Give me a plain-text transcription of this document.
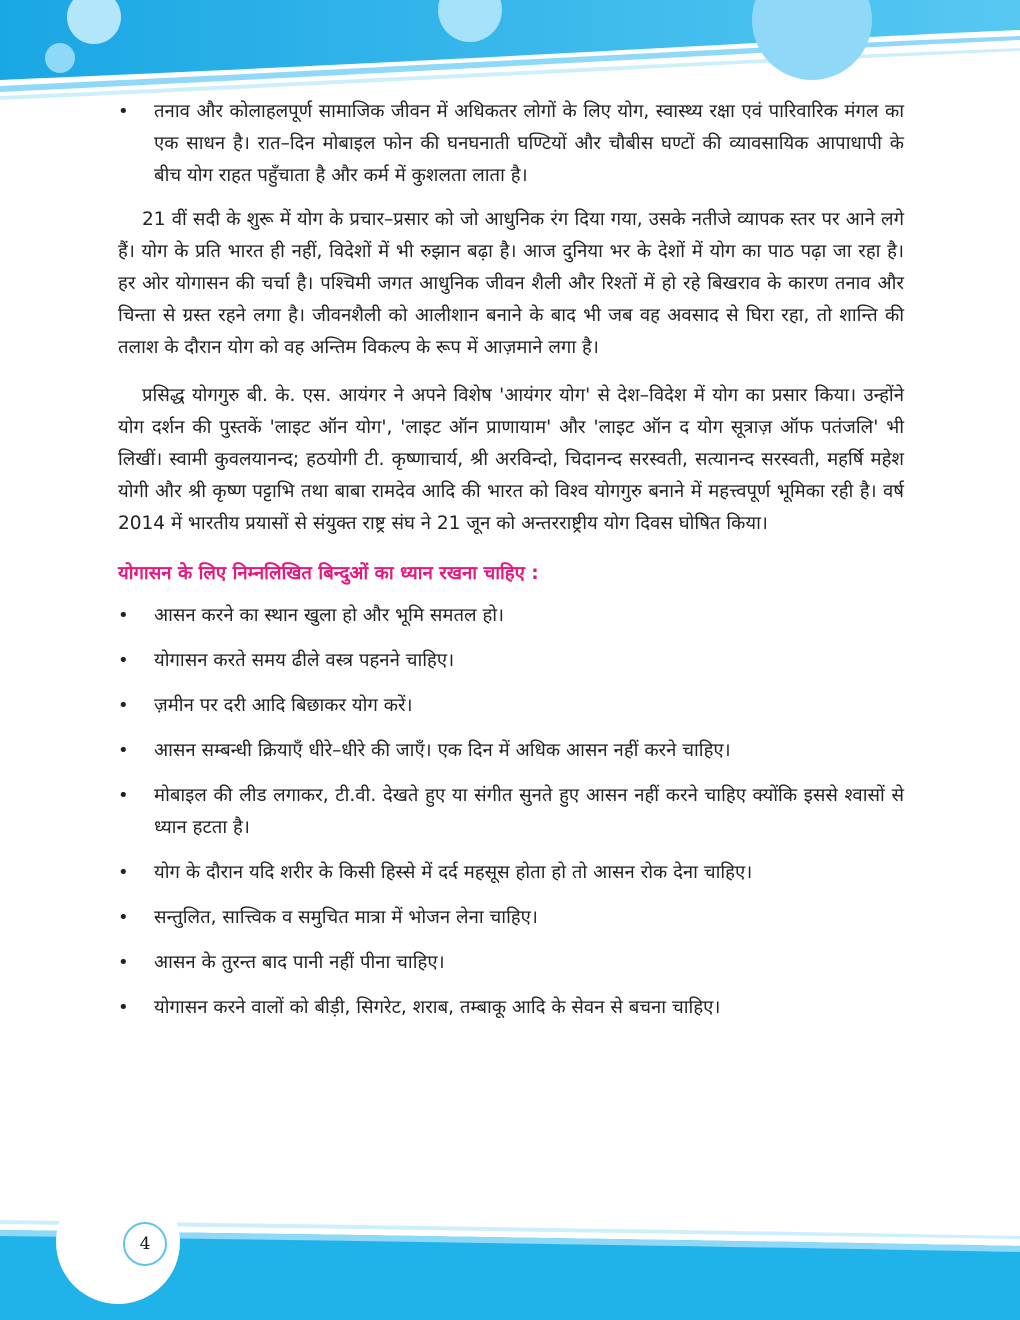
• तनाव और कोलाहलपूर्ण सामाजिक जीवन में अधिकतर लोगों के लिए योग, स्वास्थ्य रक्षा एवं पारिवारिक मंगल का एक साधन है। रात–दिन मोबाइल फोन की घनघनाती घण्टियों और चौबीस घण्टों की व्यावसायिक आपाधापी के बीच योग राहत पहुँचाता है और कर्म में कुशलता लाता है।

21 वीं सदी के शुरू में योग के प्रचार–प्रसार को जो आधुनिक रंग दिया गया, उसके नतीजे व्यापक स्तर पर आने लगे हैं। योग के प्रति भारत ही नहीं, विदेशों में भी रुझान बढ़ा है। आज दुनिया भर के देशों में योग का पाठ पढ़ा जा रहा है। हर ओर योगासन की चर्चा है। पश्चिमी जगत आधुनिक जीवन शैली और रिश्तों में हो रहे बिखराव के कारण तनाव और चिन्ता से ग्रस्त रहने लगा है। जीवनशैली को आलीशान बनाने के बाद भी जब वह अवसाद से घिरा रहा, तो शान्ति की तलाश के दौरान योग को वह अन्तिम विकल्प के रूप में आज़माने लगा है।

प्रसिद्ध योगगुरु बी. के. एस. आयंगर ने अपने विशेष 'आयंगर योग' से देश–विदेश में योग का प्रसार किया। उन्होंने योग दर्शन की पुस्तकें 'लाइट ऑन योग', 'लाइट ऑन प्राणायाम' और 'लाइट ऑन द योग सूत्राज़ ऑफ पतंजलि' भी लिखीं। स्वामी कुवलयानन्द; हठयोगी टी. कृष्णाचार्य, श्री अरविन्दो, चिदानन्द सरस्वती, सत्यानन्द सरस्वती, महर्षि महेश योगी और श्री कृष्ण पट्टाभि तथा बाबा रामदेव आदि की भारत को विश्व योगगुरु बनाने में महत्त्वपूर्ण भूमिका रही है। वर्ष 2014 में भारतीय प्रयासों से संयुक्त राष्ट्र संघ ने 21 जून को अन्तरराष्ट्रीय योग दिवस घोषित किया।

योगासन के लिए निम्नलिखित बिन्दुओं का ध्यान रखना चाहिए :

• आसन करने का स्थान खुला हो और भूमि समतल हो।

• योगासन करते समय ढीले वस्त्र पहनने चाहिए।

• ज़मीन पर दरी आदि बिछाकर योग करें।

• आसन सम्बन्धी क्रियाएँ धीरे–धीरे की जाएँ। एक दिन में अधिक आसन नहीं करने चाहिए।

• मोबाइल की लीड लगाकर, टी.वी. देखते हुए या संगीत सुनते हुए आसन नहीं करने चाहिए क्योंकि इससे श्वासों से ध्यान हटता है।

• योग के दौरान यदि शरीर के किसी हिस्से में दर्द महसूस होता हो तो आसन रोक देना चाहिए।

• सन्तुलित, सात्त्विक व समुचित मात्रा में भोजन लेना चाहिए।

• आसन के तुरन्त बाद पानी नहीं पीना चाहिए।

• योगासन करने वालों को बीड़ी, सिगरेट, शराब, तम्बाकू आदि के सेवन से बचना चाहिए।

4
